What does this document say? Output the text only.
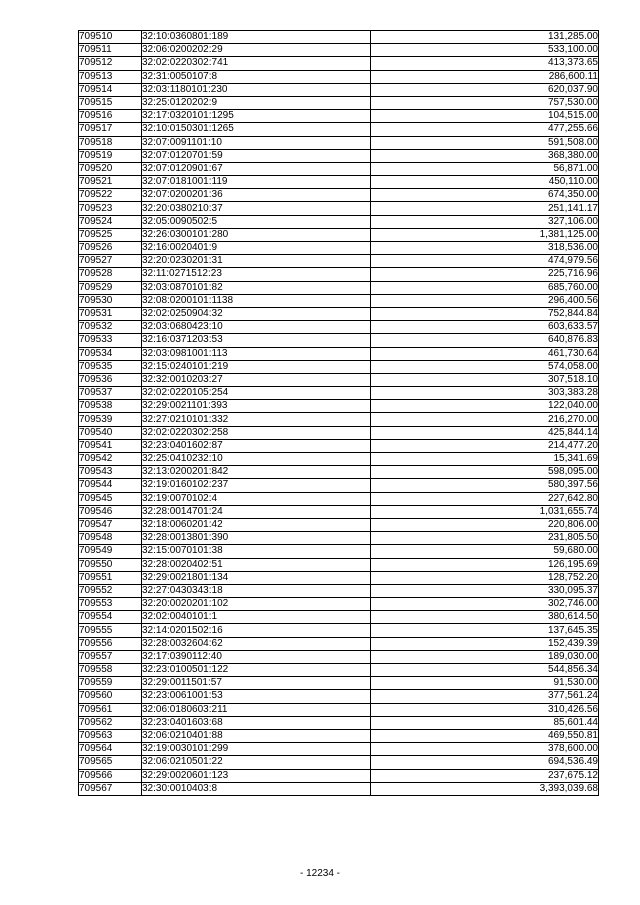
709510	32:10:0360801:189	131,285.00
709511	32:06:0200202:29	533,100.00
709512	32:02:0220302:741	413,373.65
709513	32:31:0050107:8	286,600.11
709514	32:03:1180101:230	620,037.90
709515	32:25:0120202:9	757,530.00
709516	32:17:0320101:1295	104,515.00
709517	32:10:0150301:1265	477,255.66
709518	32:07:0091101:10	591,508.00
709519	32:07:0120701:59	368,380.00
709520	32:07:0120901:67	56,871.00
709521	32:07:0181001:119	450,110.00
709522	32:07:0200201:36	674,350.00
709523	32:20:0380210:37	251,141.17
709524	32:05:0090502:5	327,106.00
709525	32:26:0300101:280	1,381,125.00
709526	32:16:0020401:9	318,536.00
709527	32:20:0230201:31	474,979.56
709528	32:11:0271512:23	225,716.96
709529	32:03:0870101:82	685,760.00
709530	32:08:0200101:1138	296,400.56
709531	32:02:0250904:32	752,844.84
709532	32:03:0680423:10	603,633.57
709533	32:16:0371203:53	640,876.83
709534	32:03:0981001:113	461,730.64
709535	32:15:0240101:219	574,058.00
709536	32:32:0010203:27	307,518.10
709537	32:02:0220105:254	303,383.28
709538	32:29:0021101:393	122,040.00
709539	32:27:0210101:332	216,270.00
709540	32:02:0220302:258	425,844.14
709541	32:23:0401602:87	214,477.20
709542	32:25:0410232:10	15,341.69
709543	32:13:0200201:842	598,095.00
709544	32:19:0160102:237	580,397.56
709545	32:19:0070102:4	227,642.80
709546	32:28:0014701:24	1,031,655.74
709547	32:18:0060201:42	220,806.00
709548	32:28:0013801:390	231,805.50
709549	32:15:0070101:38	59,680.00
709550	32:28:0020402:51	126,195.69
709551	32:29:0021801:134	128,752.20
709552	32:27:0430343:18	330,095.37
709553	32:20:0020201:102	302,746.00
709554	32:02:0040101:1	380,614.50
709555	32:14:0201502:16	137,645.35
709556	32:28:0032604:62	152,439.39
709557	32:17:0390112:40	189,030.00
709558	32:23:0100501:122	544,856.34
709559	32:29:0011501:57	91,530.00
709560	32:23:0061001:53	377,561.24
709561	32:06:0180603:211	310,426.56
709562	32:23:0401603:68	85,601.44
709563	32:06:0210401:88	469,550.81
709564	32:19:0030101:299	378,600.00
709565	32:06:0210501:22	694,536.49
709566	32:29:0020601:123	237,675.12
709567	32:30:0010403:8	3,393,039.68
- 12234 -
